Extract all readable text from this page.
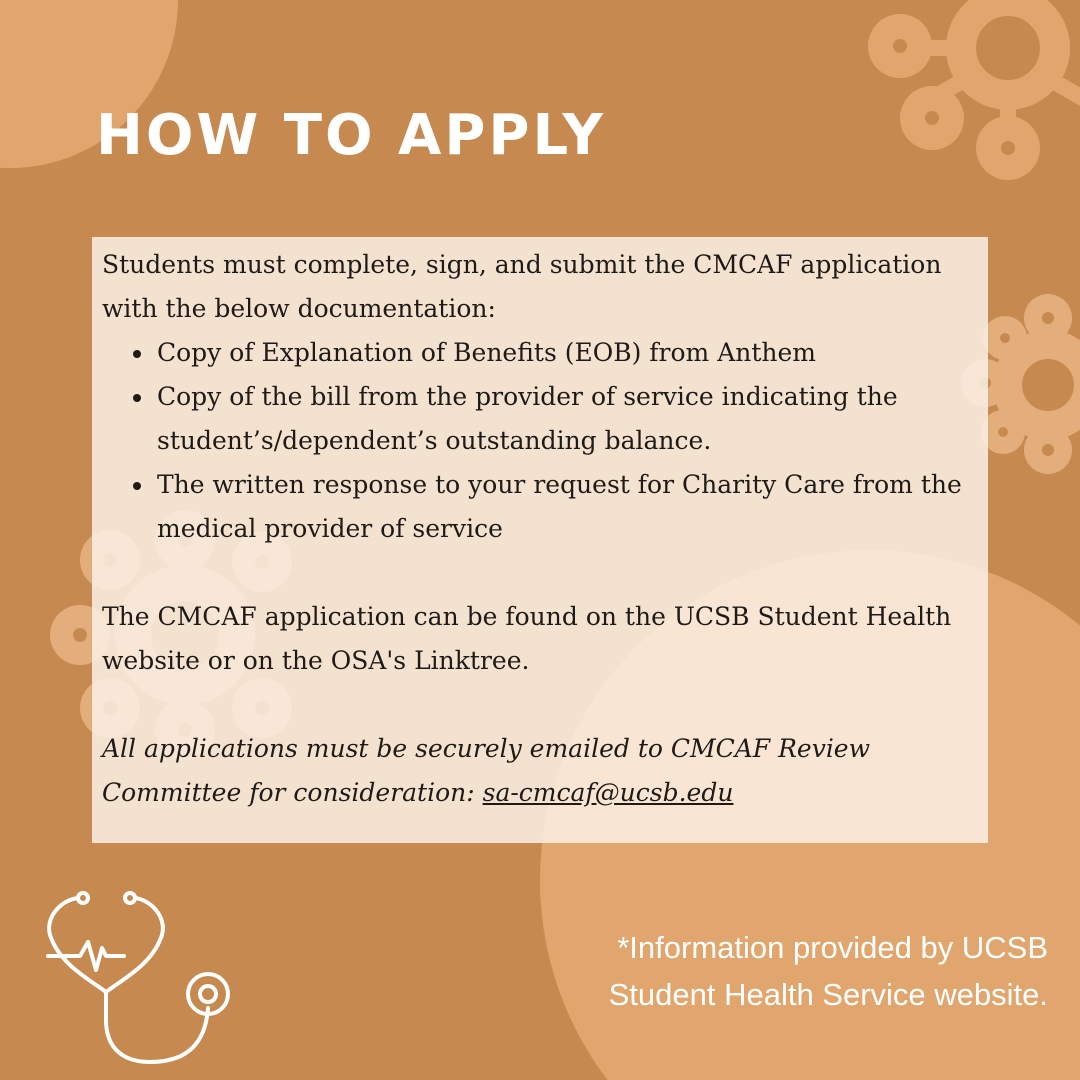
HOW TO APPLY

Students must complete, sign, and submit the CMCAF application with the below documentation:

• Copy of Explanation of Benefits (EOB) from Anthem
• Copy of the bill from the provider of service indicating the student’s/dependent’s outstanding balance.
• The written response to your request for Charity Care from the medical provider of service

The CMCAF application can be found on the UCSB Student Health website or on the OSA's Linktree.

All applications must be securely emailed to CMCAF Review Committee for consideration: sa-cmcaf@ucsb.edu

*Information provided by UCSB Student Health Service website.
